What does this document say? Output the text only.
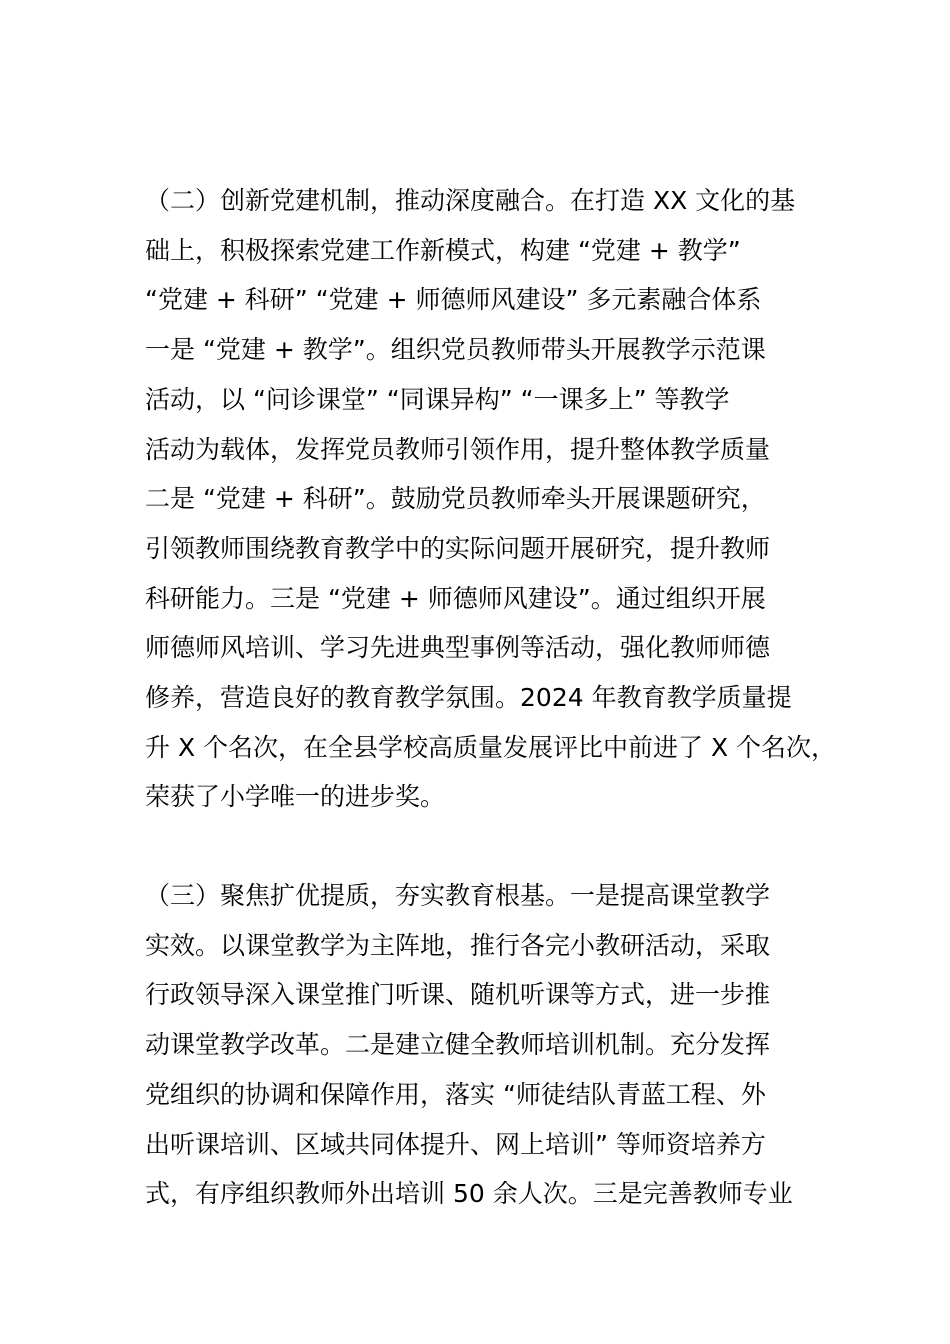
（二）创新党建机制，推动深度融合。在打造 XX 文化的基
础上，积极探索党建工作新模式，构建 “党建 + 教学”
“党建 + 科研” “党建 + 师德师风建设” 多元素融合体系
一是 “党建 + 教学”。组织党员教师带头开展教学示范课
活动，以 “问诊课堂” “同课异构” “一课多上” 等教学
活动为载体，发挥党员教师引领作用，提升整体教学质量
二是 “党建 + 科研”。鼓励党员教师牵头开展课题研究，
引领教师围绕教育教学中的实际问题开展研究，提升教师
科研能力。三是 “党建 + 师德师风建设”。通过组织开展
师德师风培训、学习先进典型事例等活动，强化教师师德
修养，营造良好的教育教学氛围。2024 年教育教学质量提
升 X 个名次，在全县学校高质量发展评比中前进了 X 个名次，
荣获了小学唯一的进步奖。
（三）聚焦扩优提质，夯实教育根基。一是提高课堂教学
实效。以课堂教学为主阵地，推行各完小教研活动，采取
行政领导深入课堂推门听课、随机听课等方式，进一步推
动课堂教学改革。二是建立健全教师培训机制。充分发挥
党组织的协调和保障作用，落实 “师徒结队青蓝工程、外
出听课培训、区域共同体提升、网上培训” 等师资培养方
式，有序组织教师外出培训 50 余人次。三是完善教师专业
